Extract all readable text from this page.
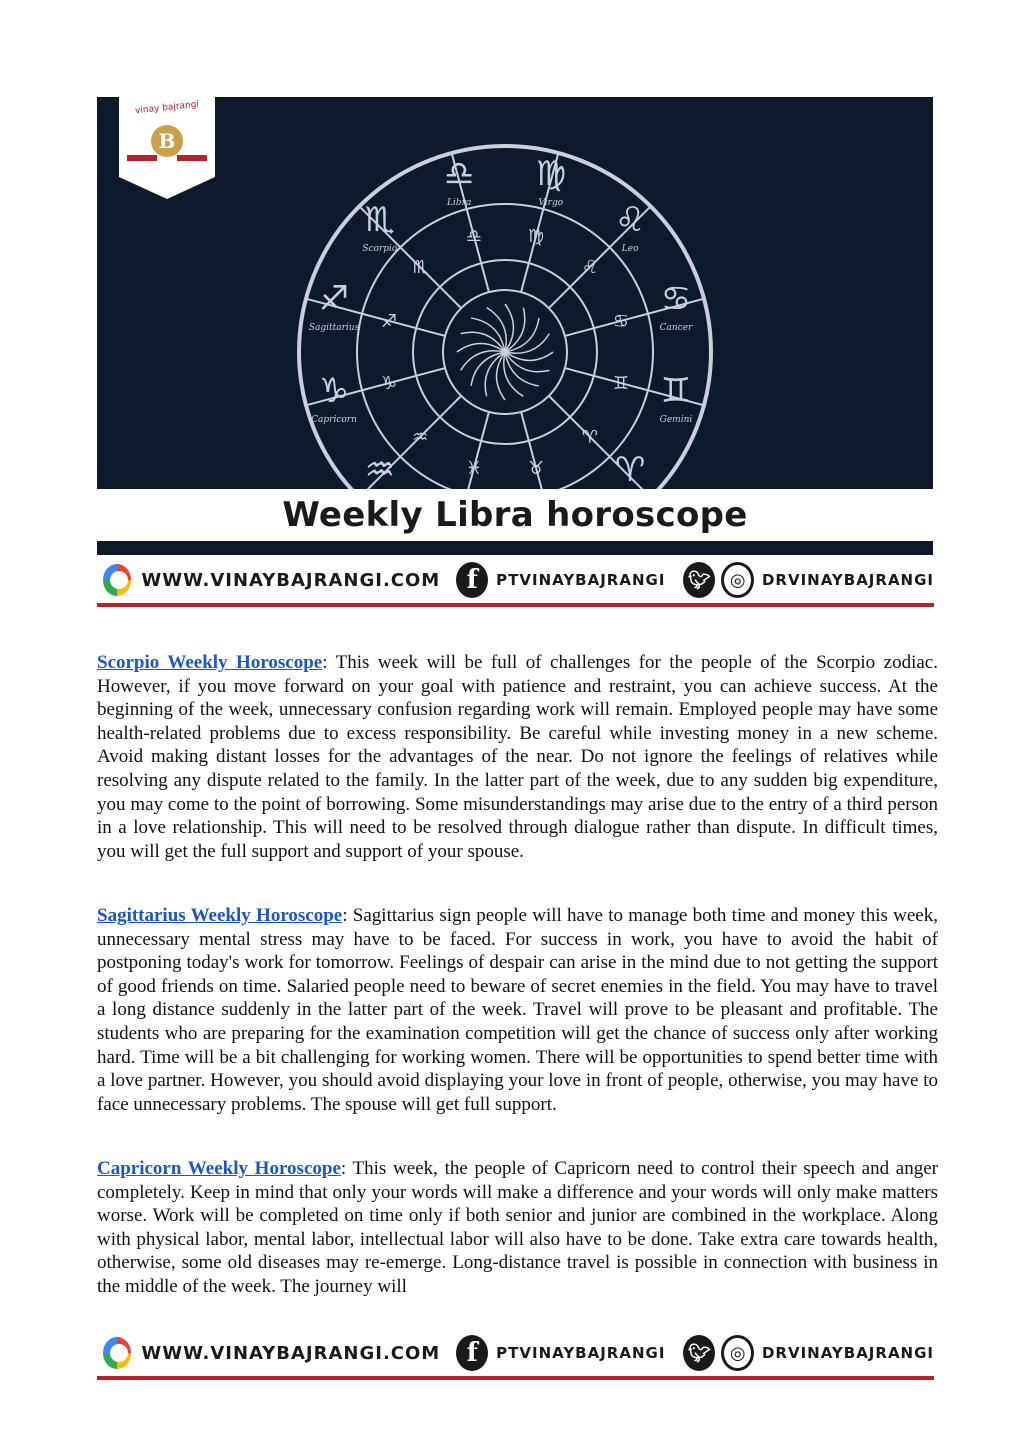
♎
Libra
♎
♍
Virgo
♍ ♌
Leo
♌
♋
Cancer
♋
♊
Gemini
♊
♈
♈
♉
♓
♒
♒
♑
Capricorn
♑
♐
Sagittarius ♐
♏
Scorpio
♏
vinay bajrangi
B
Weekly Libra horoscope
WWW.VINAYBAJRANGI.COM	f	PTVINAYBAJRANGI 🐦︎	◎	DRVINAYBAJRANGI

Scorpio Weekly Horoscope: This week will be full of challenges for the people of the Scorpio zodiac. However, if you move forward on your goal with patience and restraint, you can achieve success. At the beginning of the week, unnecessary confusion regarding work will remain. Employed people may have some health-related problems due to excess responsibility. Be careful while investing money in a new scheme. Avoid making distant losses for the advantages of the near. Do not ignore the feelings of relatives while resolving any dispute related to the family. In the latter part of the week, due to any sudden big expenditure, you may come to the point of borrowing. Some misunderstandings may arise due to the entry of a third person in a love relationship. This will need to be resolved through dialogue rather than dispute. In difficult times, you will get the full support and support of your spouse.

Sagittarius Weekly Horoscope: Sagittarius sign people will have to manage both time and money this week, unnecessary mental stress may have to be faced. For success in work, you have to avoid the habit of postponing today's work for tomorrow. Feelings of despair can arise in the mind due to not getting the support of good friends on time. Salaried people need to beware of secret enemies in the field. You may have to travel a long distance suddenly in the latter part of the week. Travel will prove to be pleasant and profitable. The students who are preparing for the examination competition will get the chance of success only after working hard. Time will be a bit challenging for working women. There will be opportunities to spend better time with a love partner. However, you should avoid displaying your love in front of people, otherwise, you may have to face unnecessary problems. The spouse will get full support.

Capricorn Weekly Horoscope: This week, the people of Capricorn need to control their speech and anger completely. Keep in mind that only your words will make a difference and your words will only make matters worse. Work will be completed on time only if both senior and junior are combined in the workplace. Along with physical labor, mental labor, intellectual labor will also have to be done. Take extra care towards health, otherwise, some old diseases may re-emerge. Long-distance travel is possible in connection with business in the middle of the week. The journey will

WWW.VINAYBAJRANGI.COM	f	PTVINAYBAJRANGI 🐦︎	◎	DRVINAYBAJRANGI
